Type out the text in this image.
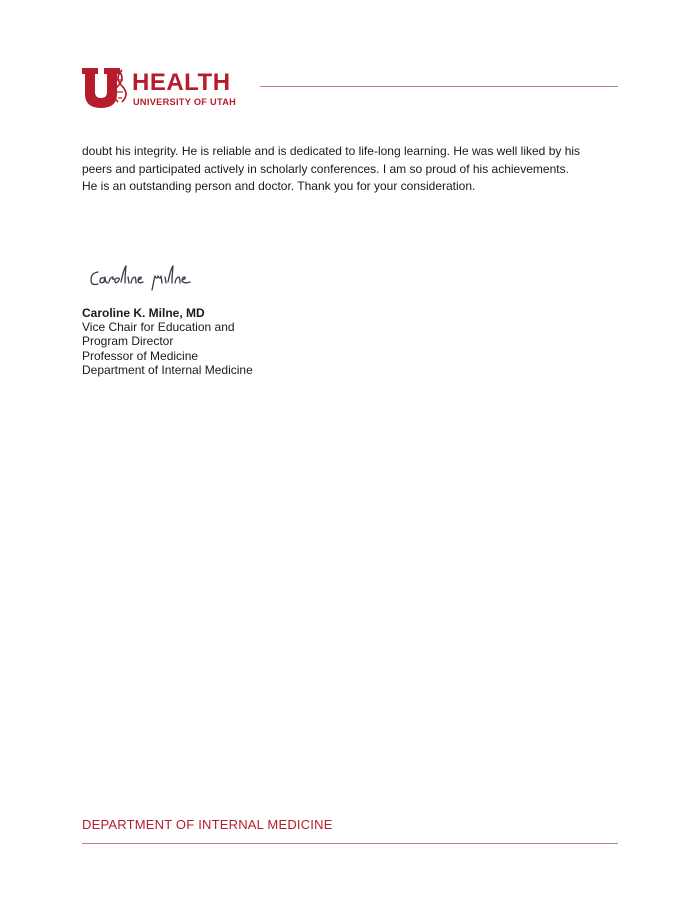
HEALTH
UNIVERSITY OF UTAH
doubt his integrity. He is reliable and is dedicated to life-long learning. He was well liked by his
peers and participated actively in scholarly conferences. I am so proud of his achievements.
He is an outstanding person and doctor. Thank you for your consideration.
Caroline K. Milne, MD
Vice Chair for Education and
Program Director
Professor of Medicine
Department of Internal Medicine
DEPARTMENT OF INTERNAL MEDICINE
